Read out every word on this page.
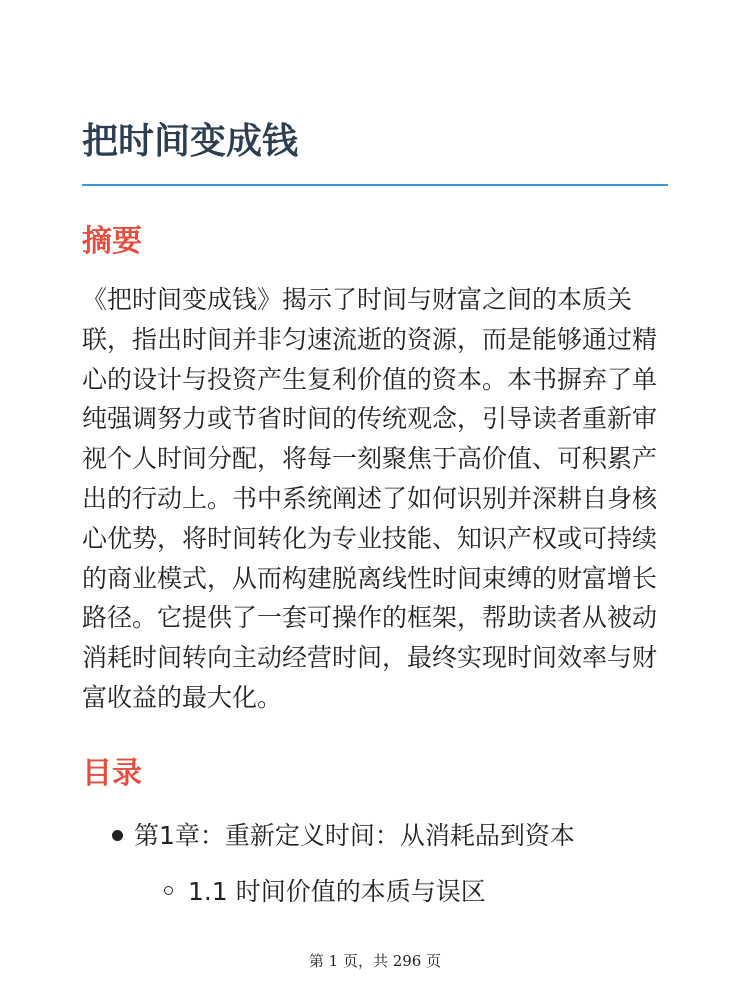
把时间变成钱
摘要

《把时间变成钱》揭示了时间与财富之间的本质关联，指出时间并非匀速流逝的资源，而是能够通过精心的设计与投资产生复利价值的资本。本书摒弃了单纯强调努力或节省时间的传统观念，引导读者重新审视个人时间分配，将每一刻聚焦于高价值、可积累产出的行动上。书中系统阐述了如何识别并深耕自身核心优势，将时间转化为专业技能、知识产权或可持续的商业模式，从而构建脱离线性时间束缚的财富增长路径。它提供了一套可操作的框架，帮助读者从被动消耗时间转向主动经营时间，最终实现时间效率与财富收益的最大化。

目录

第1章：重新定义时间：从消耗品到资本

1.1 时间价值的本质与误区

第 1 页，共 296 页
